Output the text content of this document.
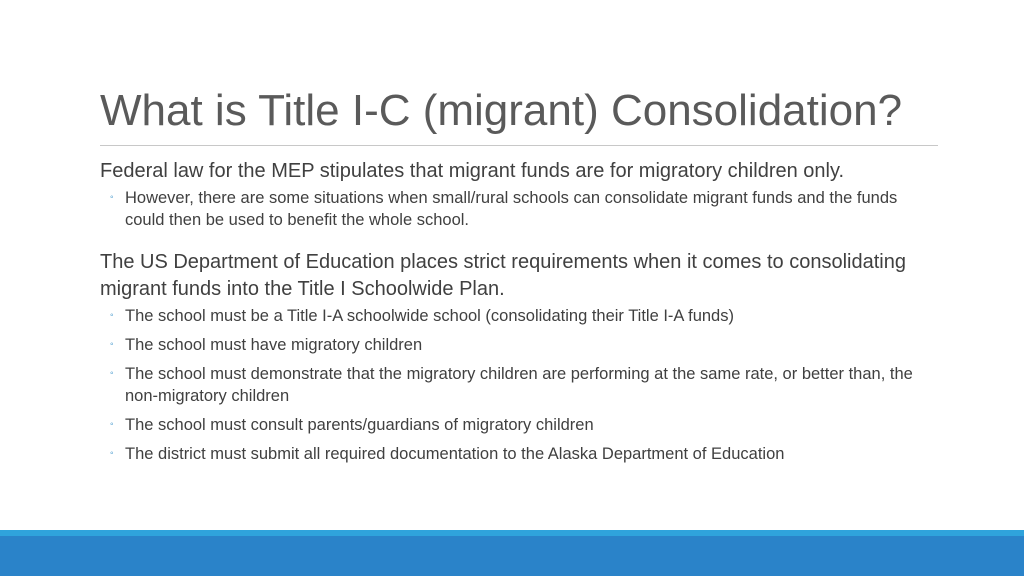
What is Title I-C (migrant) Consolidation?

Federal law for the MEP stipulates that migrant funds are for migratory children only.

◦ However, there are some situations when small/rural schools can consolidate migrant funds and the funds could then be used to benefit the whole school.

The US Department of Education places strict requirements when it comes to consolidating migrant funds into the Title I Schoolwide Plan.

◦ The school must be a Title I-A schoolwide school (consolidating their Title I-A funds)
◦ The school must have migratory children
◦ The school must demonstrate that the migratory children are performing at the same rate, or better than, the non-migratory children
◦ The school must consult parents/guardians of migratory children
◦ The district must submit all required documentation to the Alaska Department of Education
